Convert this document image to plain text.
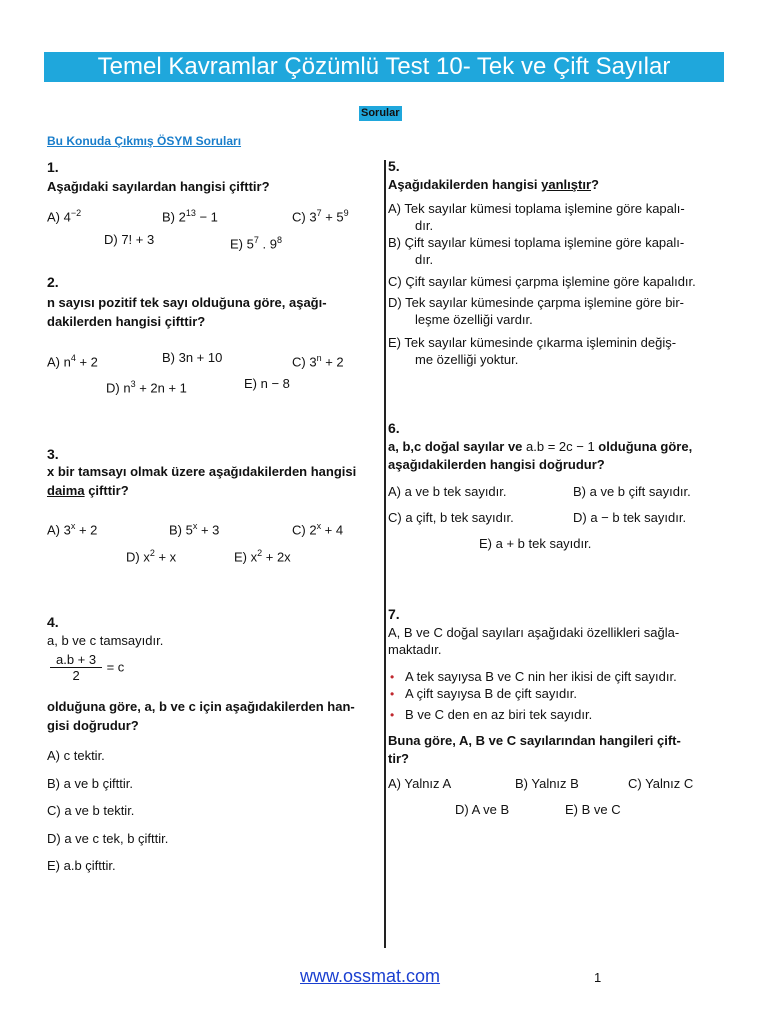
Temel Kavramlar Çözümlü Test 10- Tek ve Çift Sayılar
Sorular
Bu Konuda Çıkmış ÖSYM Soruları
1.
Aşağıdaki sayılardan hangisi çifttir?
A) $4^{-2}$	B) $2^{13} - 1$	C) $3^7 + 5^9$
D) 7! + 3	E) $5^7$ . $9^8$
2.
n sayısı pozitif tek sayı olduğuna göre, aşağı-
dakilerden hangisi çifttir?
A) $n^4 + 2$	B) 3n + 10	C) $3^n + 2$
D) $n^3 + 2n + 1$	E) n − 8
3.
x bir tamsayı olmak üzere aşağıdakilerden hangisi
daima çifttir?
A) $3^x + 2$	B) $5^x + 3$	C) $2^x + 4$
D) $x^2 + x$	E) $x^2 + 2x$
4.
a, b ve c tamsayıdır.
$\frac{a.b + 3}{2} = c$
olduğuna göre, a, b ve c için aşağıdakilerden han-
gisi doğrudur?
A) c tektir.
B) a ve b çifttir.
C) a ve b tektir.
D) a ve c tek, b çifttir.
E) a.b çifttir.
5.
Aşağıdakilerden hangisi yanlıştır?
A) Tek sayılar kümesi toplama işlemine göre kapalı-
dır.
B) Çift sayılar kümesi toplama işlemine göre kapalı-
dır.
C) Çift sayılar kümesi çarpma işlemine göre kapalıdır.
D) Tek sayılar kümesinde çarpma işlemine göre bir-
leşme özelliği vardır.
E) Tek sayılar kümesinde çıkarma işleminin değiş-
me özelliği yoktur.
6.
a, b,c doğal sayılar ve a.b = 2c − 1 olduğuna göre,
aşağıdakilerden hangisi doğrudur?
A) a ve b tek sayıdır.	B) a ve b çift sayıdır.
C) a çift, b tek sayıdır.	D) a − b tek sayıdır.
E) a + b tek sayıdır.
7.
A, B ve C doğal sayıları aşağıdaki özellikleri sağla-
maktadır.
• A tek sayıysa B ve C nin her ikisi de çift sayıdır.
• A çift sayıysa B de çift sayıdır.
• B ve C den en az biri tek sayıdır.
Buna göre, A, B ve C sayılarından hangileri çift-
tir?
A) Yalnız A	B) Yalnız B	C) Yalnız C
D) A ve B	E) B ve C
www.ossmat.com	1
